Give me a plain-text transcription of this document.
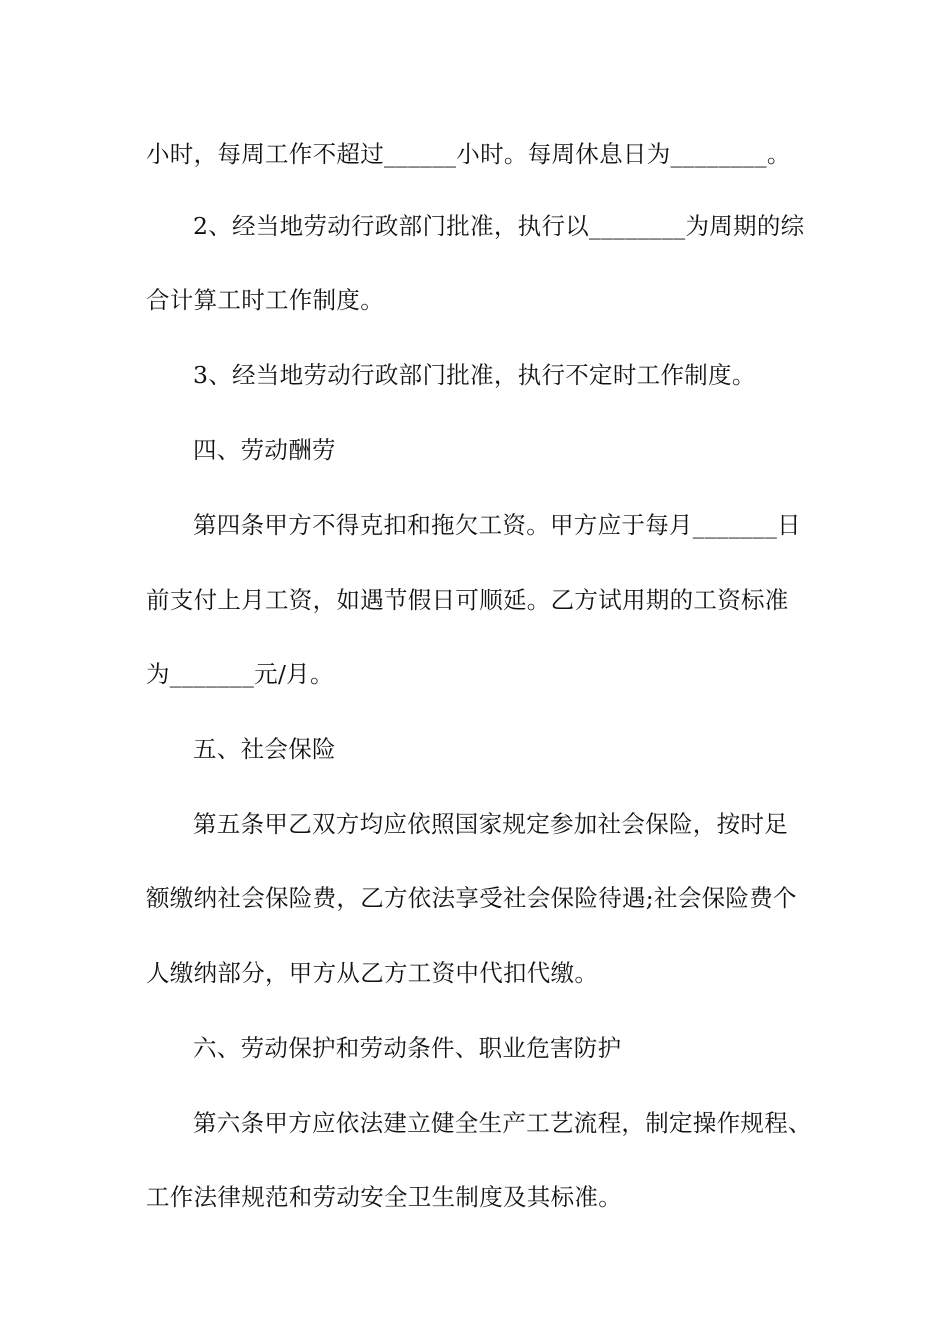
小时，每周工作不超过______小时。每周休息日为________。
2、经当地劳动行政部门批准，执行以________为周期的综
合计算工时工作制度。
3、经当地劳动行政部门批准，执行不定时工作制度。
四、劳动酬劳
第四条甲方不得克扣和拖欠工资。甲方应于每月_______日
前支付上月工资，如遇节假日可顺延。乙方试用期的工资标准
为_______元/月。
五、社会保险
第五条甲乙双方均应依照国家规定参加社会保险，按时足
额缴纳社会保险费，乙方依法享受社会保险待遇;社会保险费个
人缴纳部分，甲方从乙方工资中代扣代缴。
六、劳动保护和劳动条件、职业危害防护
第六条甲方应依法建立健全生产工艺流程，制定操作规程、
工作法律规范和劳动安全卫生制度及其标准。
